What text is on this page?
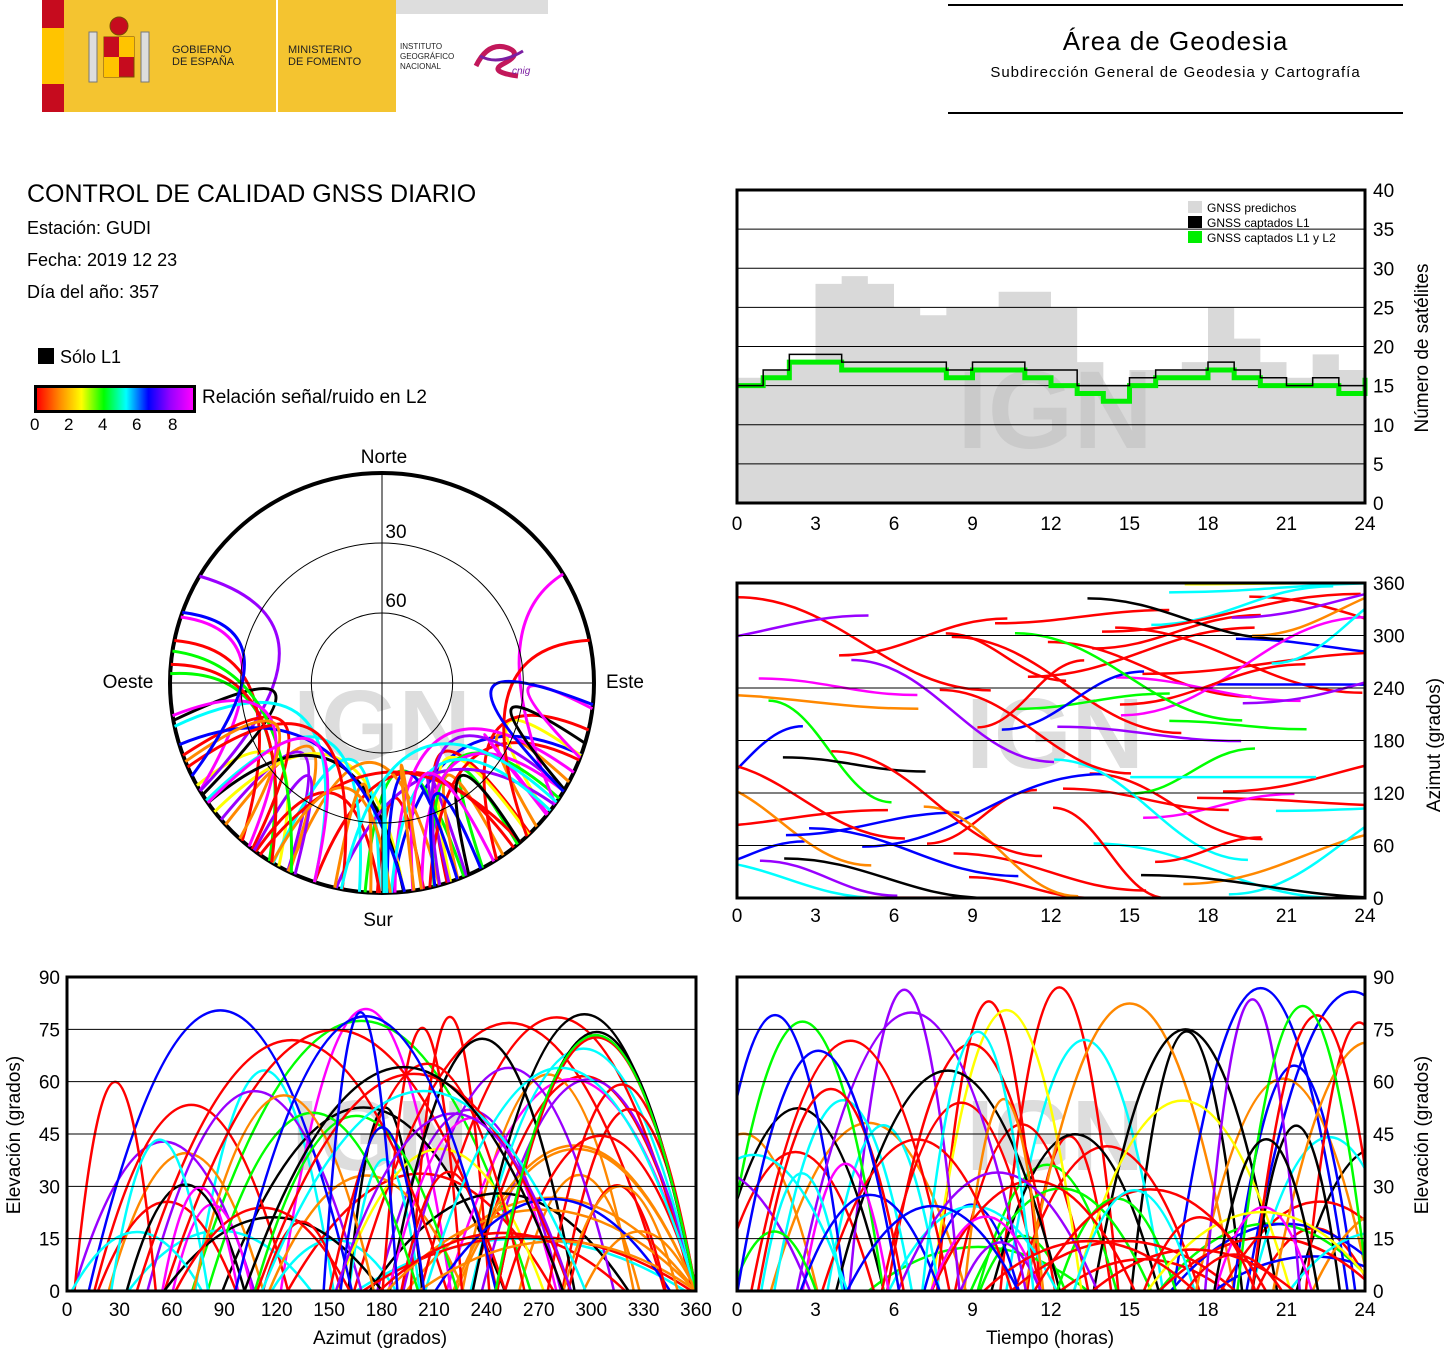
GOBIERNO
DE ESPAÑA
MINISTERIO
DE FOMENTO
INSTITUTO
GEOGRÁFICO
NACIONAL	cnig
Área de Geodesia
Subdirección General de Geodesia y Cartografía
CONTROL DE CALIDAD GNSS DIARIO
Estación: GUDI
Fecha: 2019 12 23
Día del año: 357
Sólo L1
Relación señal/ruido en L2
0 2 4 6 8	IGN
0	3	6	9	12	15	18	21	24
0
5
10
15
20
25
30
35
40
Número de satélites
GNSS predichos
GNSS captados L1
GNSS captados L1 y L2
IGN
30
60
Norte
Sur
Este
Oeste	IGN
0	3	6	9	12	15	18	21	24
0
60
120
180
240
300
360
Azimut (grados)
IGN
0 30 60 90 120 150 180 210 240 270 300 330 360
0
15
30
45
60
75
90
Azimut (grados)
Elevación (grados)	IGN
0	3	6	9	12	15	18	21	24
0
15
30
45
60
75
90
Tiempo (horas)
Elevación (grados)
